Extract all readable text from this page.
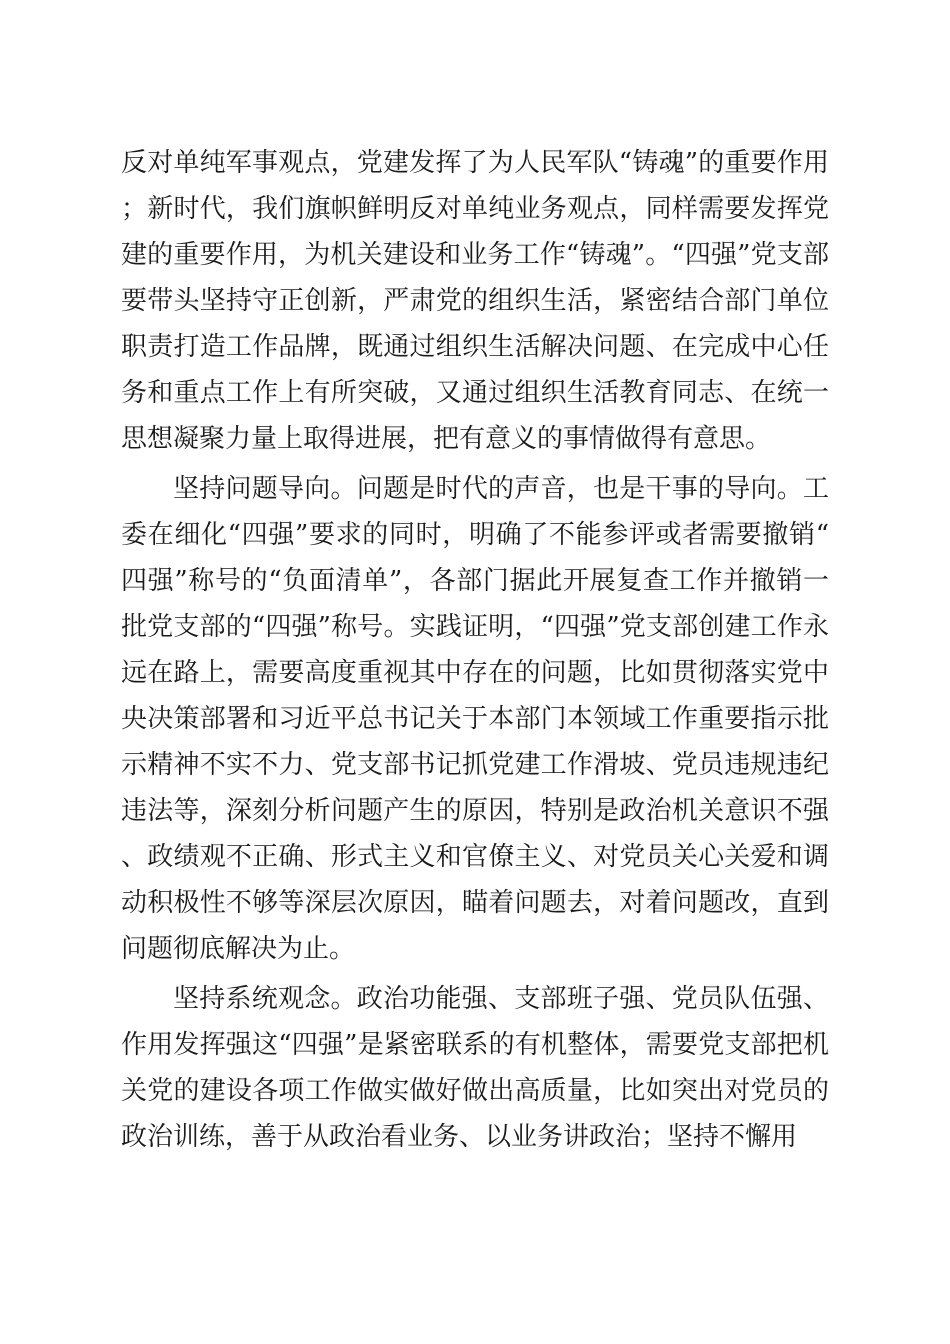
反对单纯军事观点，党建发挥了为人民军队“铸魂”的重要作用；新时代，我们旗帜鲜明反对单纯业务观点，同样需要发挥党建的重要作用，为机关建设和业务工作“铸魂”。“四强”党支部要带头坚持守正创新，严肃党的组织生活，紧密结合部门单位职责打造工作品牌，既通过组织生活解决问题、在完成中心任务和重点工作上有所突破，又通过组织生活教育同志、在统一思想凝聚力量上取得进展，把有意义的事情做得有意思。

坚持问题导向。问题是时代的声音，也是干事的导向。工委在细化“四强”要求的同时，明确了不能参评或者需要撤销“四强”称号的“负面清单”，各部门据此开展复查工作并撤销一批党支部的“四强”称号。实践证明，“四强”党支部创建工作永远在路上，需要高度重视其中存在的问题，比如贯彻落实党中央决策部署和习近平总书记关于本部门本领域工作重要指示批示精神不实不力、党支部书记抓党建工作滑坡、党员违规违纪违法等，深刻分析问题产生的原因，特别是政治机关意识不强、政绩观不正确、形式主义和官僚主义、对党员关心关爱和调动积极性不够等深层次原因，瞄着问题去，对着问题改，直到问题彻底解决为止。

坚持系统观念。政治功能强、支部班子强、党员队伍强、作用发挥强这“四强”是紧密联系的有机整体，需要党支部把机关党的建设各项工作做实做好做出高质量，比如突出对党员的政治训练，善于从政治看业务、以业务讲政治；坚持不懈用
